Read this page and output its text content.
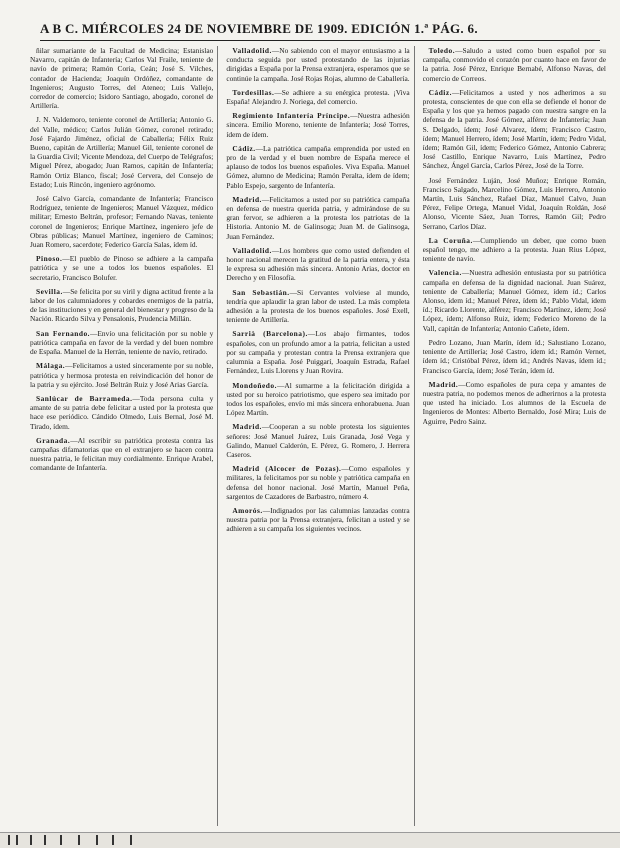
A B C. MIÉRCOLES 24 DE NOVIEMBRE DE 1909. EDICIÓN 1.ª PÁG. 6.

ñilar sumariante de la Facultad de Medicina; Estanislao Navarro, capitán de Infantería; Carlos Val Fraile, teniente de navío de primera; Ramón Coria, Ceán; José S. Vilches, contador de Hacienda; Joaquín Ordóñez, comandante de Ingenieros; Augusto Torres, del Ateneo; Luis Vallejo, corredor de comercio; Isidoro Santiago, abogado, coronel de Artillería.

J. N. Valdemoro, teniente coronel de Artillería; Antonio G. del Valle, médico; Carlos Julián Gómez, coronel retirado; José Fajardo Jiménez, oficial de Caballería; Félix Ruiz Bueno, capitán de Artillería; Manuel Gil, teniente coronel de la Guardia Civil; Vicente Mendoza, del Cuerpo de Telégrafos; Miguel Pérez, abogado; Juan Ramos, capitán de Infantería; Ramón Ortiz Blanco, fiscal; José Cervera, del Consejo de Estado; Luis Rincón, ingeniero agrónomo.

José Calvo García, comandante de Infantería; Francisco Rodríguez, teniente de Ingenieros; Manuel Vázquez, médico militar; Ernesto Beltrán, profesor; Fernando Navas, teniente coronel de Ingenieros; Enrique Martínez, ingeniero jefe de Obras públicas; Manuel Martínez, ingeniero de Caminos; Juan Romero, sacerdote; Federico García Salas, ídem íd.

Pinoso.—El pueblo de Pinoso se adhiere a la campaña patriótica y se une a todos los buenos españoles. El secretario, Francisco Bolufer.

Sevilla.—Se felicita por su viril y digna actitud frente a la labor de los calumniadores y cobardes enemigos de la patria, de las instituciones y en general del bienestar y progreso de la Nación. Ricardo Silva y Pensalonis, Prudencia Millán.

San Fernando.—Envío una felicitación por su noble y patriótica campaña en favor de la verdad y del buen nombre de España. Manuel de la Herrán, teniente de navío, retirado.

Málaga.—Felicitamos a usted sinceramente por su noble, patriótica y hermosa protesta en reivindicación del honor de la patria y su ejército. José Beltrán Ruiz y José Arias García.

Sanlúcar de Barrameda.—Toda persona culta y amante de su patria debe felicitar a usted por la protesta que hace ese periódico. Cándido Olmedo, Luis Bernal, José M. Tirado, ídem.

Granada.—Al escribir su patriótica protesta contra las campañas difamatorias que en el extranjero se hacen contra nuestra patria, le felicitan muy cordialmente. Enrique Arabel, comandante de Infantería.

Valladolid.—No sabiendo con el mayor entusiasmo a la conducta seguida por usted protestando de las injurias dirigidas a España por la Prensa extranjera, esperamos que se continúe la campaña. José Rojas Rojas, alumno de Caballería.

Tordesillas.—Se adhiere a su enérgica protesta. ¡Viva España! Alejandro J. Noriega, del comercio.

Regimiento Infantería Príncipe.—Nuestra adhesión sincera. Emilio Moreno, teniente de Infantería; José Torres, ídem de ídem.

Cádiz.—La patriótica campaña emprendida por usted en pro de la verdad y el buen nombre de España merece el aplauso de todos los buenos españoles. Viva España. Manuel Gómez, alumno de Medicina; Ramón Peralta, ídem de ídem; Pablo Espejo, sargento de Infantería.

Madrid.—Felicitamos a usted por su patriótica campaña en defensa de nuestra querida patria, y admirándose de su gran fervor, se adhieren a la protesta los patriotas de la Historia. Antonio M. de Galinsoga; Juan M. de Galinsoga, Juan Fernández.

Valladolid.—Los hombres que como usted defienden el honor nacional merecen la gratitud de la patria entera, y ésta le expresa su adhesión más sincera. Antonio Arias, doctor en Derecho y en Filosofía.

San Sebastián.—Si Cervantes volviese al mundo, tendría que aplaudir la gran labor de usted. La más completa adhesión a la protesta de los buenos españoles. José Exell, teniente de Artillería.

Sarrià (Barcelona).—Los abajo firmantes, todos españoles, con un profundo amor a la patria, felicitan a usted por su campaña y protestan contra la Prensa extranjera que calumnia a España. José Puiggarí, Joaquín Estrada, Rafael Fernández, Luis Llorens y Juan Rovira.

Mondoñedo.—Al sumarme a la felicitación dirigida a usted por su heroico patriotismo, que espero sea imitado por todos los españoles, envío mi más sincera enhorabuena. Juan López Martín.

Madrid.—Cooperan a su noble protesta los siguientes señores: José Manuel Juárez, Luis Granada, José Vega y Galindo, Manuel Calderón, E. Pérez, G. Romero, J. Herrera Caseros.

Madrid (Alcocer de Pozas).—Como españoles y militares, la felicitamos por su noble y patriótica campaña en defensa del honor nacional. José Martín, Manuel Peña, sargentos de Cazadores de Barbastro, número 4.

Amorós.—Indignados por las calumnias lanzadas contra nuestra patria por la Prensa extranjera, felicitan a usted y se adhieren a su campaña los siguientes vecinos.

Toledo.—Saludo a usted como buen español por su campaña, conmovido el corazón por cuanto hace en favor de la patria. José Pérez, Enrique Bernabé, Alfonso Navas, del comercio de Correos.

Cádiz.—Felicitamos a usted y nos adherimos a su protesta, conscientes de que con ella se defiende el honor de España y los que ya hemos pagado con nuestra sangre en la defensa de la patria. José Gómez, alférez de Infantería; Juan S. Delgado, ídem; José Alvarez, ídem; Francisco Castro, ídem; Manuel Herrero, ídem; José Martín, ídem; Pedro Vidal, ídem; Ramón Gil, ídem; Federico Gómez, Antonio Cabrera; José Castillo, Enrique Navarro, Luis Martínez, Pedro Sánchez, Ángel García, Carlos Pérez, José de la Torre.

José Fernández Luján, José Muñoz; Enrique Román, Francisco Salgado, Marcelino Gómez, Luis Herrero, Antonio Martín, Luis Sánchez, Rafael Díaz, Manuel Calvo, Juan Pérez, Felipe Ortega, Manuel Vidal, Joaquín Roldán, José Alonso, Vicente Sáez, Juan Torres, Ramón Gil; Pedro Serrano, Carlos Díaz.

La Coruña.—Cumpliendo un deber, que como buen español tengo, me adhiero a la protesta. Juan Rius López, teniente de navío.

Valencia.—Nuestra adhesión entusiasta por su patriótica campaña en defensa de la dignidad nacional. Juan Suárez, teniente de Caballería; Manuel Gómez, ídem íd.; Carlos Alonso, ídem íd.; Manuel Pérez, ídem íd.; Pablo Vidal, ídem íd.; Ricardo Llorente, alférez; Francisco Martínez, ídem; José López, ídem; Alfonso Ruiz, ídem; Federico Moreno de la Vall, capitán de Infantería; Antonio Cañete, ídem.

Pedro Lozano, Juan Marín, ídem íd.; Salustiano Lozano, teniente de Artillería; José Castro, ídem íd.; Ramón Vernet, ídem íd.; Cristóbal Pérez, ídem íd.; Andrés Navas, ídem íd.; Francisco García, ídem; José Terán, ídem íd.

Madrid.—Como españoles de pura cepa y amantes de nuestra patria, no podemos menos de adherirnos a la protesta que usted ha iniciado. Los alumnos de la Escuela de Ingenieros de Montes: Alberto Bernaldo, José Mira; Luis de Aguirre, Pedro Sainz.
